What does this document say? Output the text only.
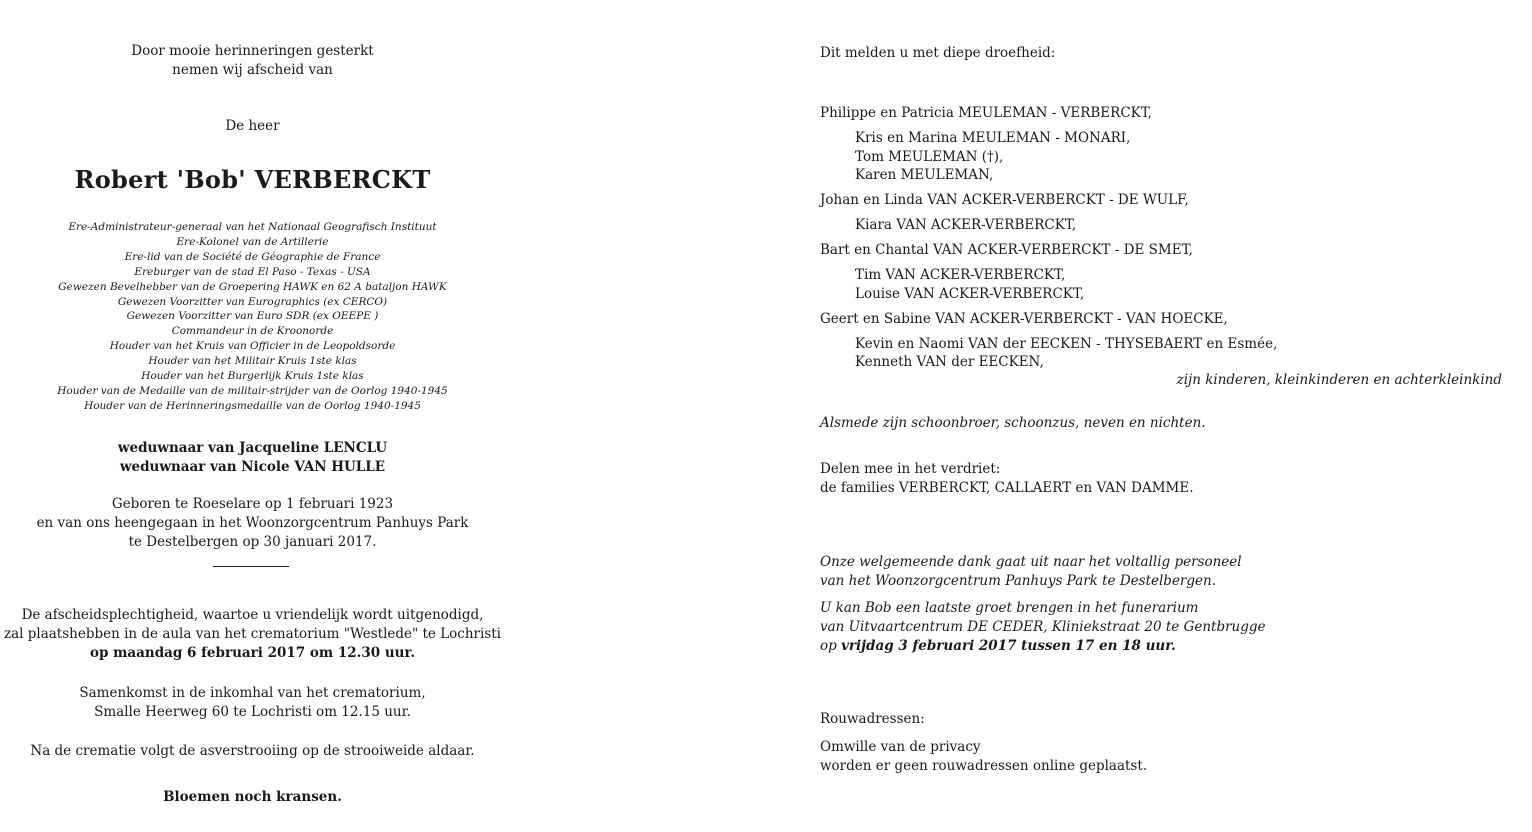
Door mooie herinneringen gesterkt
nemen wij afscheid van
De heer
Robert 'Bob' VERBERCKT
Ere-Administrateur-generaal van het Nationaal Geografisch Instituut
Ere-Kolonel van de Artillerie
Ere-lid van de Société de Géographie de France
Ereburger van de stad El Paso - Texas - USA
Gewezen Bevelhebber van de Groepering HAWK en 62 A bataljon HAWK
Gewezen Voorzitter van Eurographics (ex CERCO)
Gewezen Voorzitter van Euro SDR (ex OEEPE )
Commandeur in de Kroonorde
Houder van het Kruis van Officier in de Leopoldsorde
Houder van het Militair Kruis 1ste klas
Houder van het Burgerlijk Kruis 1ste klas
Houder van de Medaille van de militair-strijder van de Oorlog 1940-1945
Houder van de Herinneringsmedaille van de Oorlog 1940-1945
weduwnaar van Jacqueline LENCLU
weduwnaar van Nicole VAN HULLE
Geboren te Roeselare op 1 februari 1923
en van ons heengegaan in het Woonzorgcentrum Panhuys Park
te Destelbergen op 30 januari 2017.
De afscheidsplechtigheid, waartoe u vriendelijk wordt uitgenodigd,
zal plaatshebben in de aula van het crematorium "Westlede" te Lochristi
op maandag 6 februari 2017 om 12.30 uur.
Samenkomst in de inkomhal van het crematorium,
Smalle Heerweg 60 te Lochristi om 12.15 uur.
Na de crematie volgt de asverstrooiing op de strooiweide aldaar.
Bloemen noch kransen.
Dit melden u met diepe droefheid:
Philippe en Patricia MEULEMAN - VERBERCKT,
Kris en Marina MEULEMAN - MONARI,
Tom MEULEMAN (†),
Karen MEULEMAN,
Johan en Linda VAN ACKER-VERBERCKT - DE WULF,
Kiara VAN ACKER-VERBERCKT,
Bart en Chantal VAN ACKER-VERBERCKT - DE SMET,
Tim VAN ACKER-VERBERCKT,
Louise VAN ACKER-VERBERCKT,
Geert en Sabine VAN ACKER-VERBERCKT - VAN HOECKE,
Kevin en Naomi VAN der EECKEN - THYSEBAERT en Esmée,
Kenneth VAN der EECKEN,
zijn kinderen, kleinkinderen en achterkleinkind
Alsmede zijn schoonbroer, schoonzus, neven en nichten.
Delen mee in het verdriet:
de families VERBERCKT, CALLAERT en VAN DAMME.
Onze welgemeende dank gaat uit naar het voltallig personeel
van het Woonzorgcentrum Panhuys Park te Destelbergen.
U kan Bob een laatste groet brengen in het funerarium
van Uitvaartcentrum DE CEDER, Kliniekstraat 20 te Gentbrugge
op vrijdag 3 februari 2017 tussen 17 en 18 uur.
Rouwadressen:
Omwille van de privacy
worden er geen rouwadressen online geplaatst.
